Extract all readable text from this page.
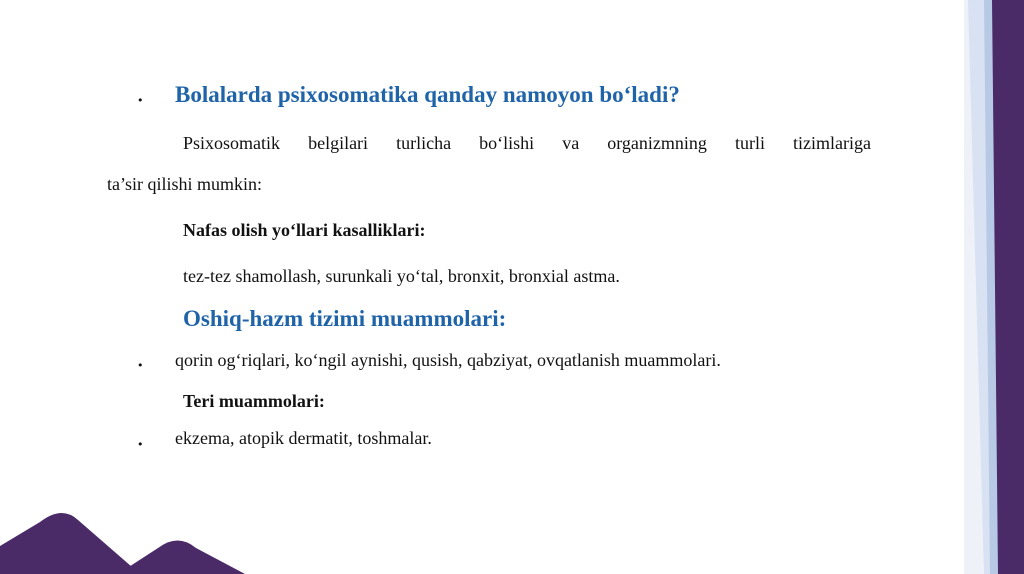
• Bolalarda psixosomatika qanday namoyon bo‘ladi?
Psixosomatik belgilari turlicha bo‘lishi va organizmning turli tizimlariga
ta’sir qilishi mumkin:
Nafas olish yo‘llari kasalliklari:
tez-tez shamollash, surunkali yo‘tal, bronxit, bronxial astma.
Oshiq-hazm tizimi muammolari:
• qorin og‘riqlari, ko‘ngil aynishi, qusish, qabziyat, ovqatlanish muammolari.
Teri muammolari:
• ekzema, atopik dermatit, toshmalar.
